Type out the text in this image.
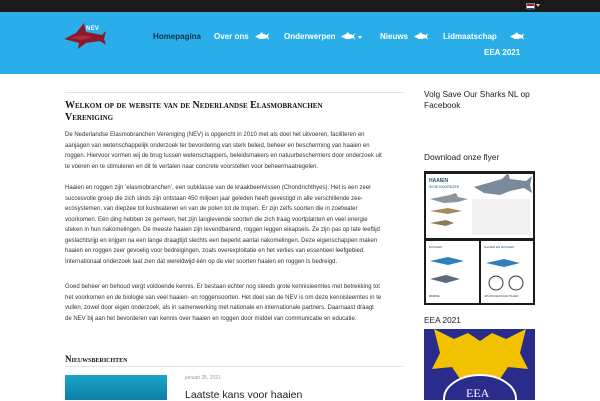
NEV
Homepagina Over ons	Onderwerpen	Nieuws	Lidmaatschap
EEA 2021
Welkom op de website van de Nederlandse Elasmobranchen
Vereniging
De Nederlandse Elasmobranchen Vereniging (NEV) is opgericht in 2010 met als doel het uitvoeren, faciliteren en
aanjagen van wetenschappelijk onderzoek ter bevordering van sterk beleid, beheer en bescherming van haaien en
roggen. Hiervoor vormen wij de brug tussen wetenschappers, beleidsmakers en natuurbeschermers door onderzoek uit
te voeren en te stimuleren en dit te vertalen naar concrete voorstellen voor beheermaatregelen.
Haaien en roggen zijn ‘elasmobranchen’, een subklasse van de kraakbeenvissen (Chondrichthyes). Het is een zeer
succesvolle groep die zich sinds zijn ontstaan 450 miljoen jaar geleden heeft gevestigd in alle verschillende zee-
ecosystemen, van diepzee tot kustwateren en van de polen tot de tropen. Er zijn zelfs soorten die in zoetwater
voorkomen. Eén ding hebben ze gemeen, het zijn langlevende soorten die zich traag voortplanten en veel energie
steken in hun nakomelingen. De meeste haaien zijn levendbarend, roggen leggen eikapsels. Ze zijn pas op late leeftijd
geslachtsrijp en krijgen na een lange draagtijd slechts een beperkt aantal nakomelingen. Deze eigenschappen maken
haaien en roggen zeer gevoelig voor bedreigingen, zoals overexploitatie en het verlies van essentieel leefgebied.
Internationaal onderzoek laat zien dat wereldwijd één op de vier soorten haaien en roggen is bedreigd.
Goed beheer en behoud vergt voldoende kennis. Er bestaan echter nog steeds grote kennisleemtes met betrekking tot
het voorkomen en de biologie van veel haaien- en roggensoorten. Het doel van de NEV is om deze kennisleemtes in te
vullen, zowel door eigen onderzoek, als in samenwerking met nationale en internationale partners. Daarnaast draagt
de NEV bij aan het bevorderen van kennis over haaien en roggen door middel van communicatie en educatie.
Nieuwsberichten
januari 28, 2021
Laatste kans voor haaien
Volg Save Our Sharks NL op
Facebook
Download onze flyer
HAAIEN
IN DE NOORDZEE
ROGGEN	HAAIEN EN ROGGEN
BAMBOE	VAN ROGGEN NAAR HAAIEN
EEA 2021
EEA
